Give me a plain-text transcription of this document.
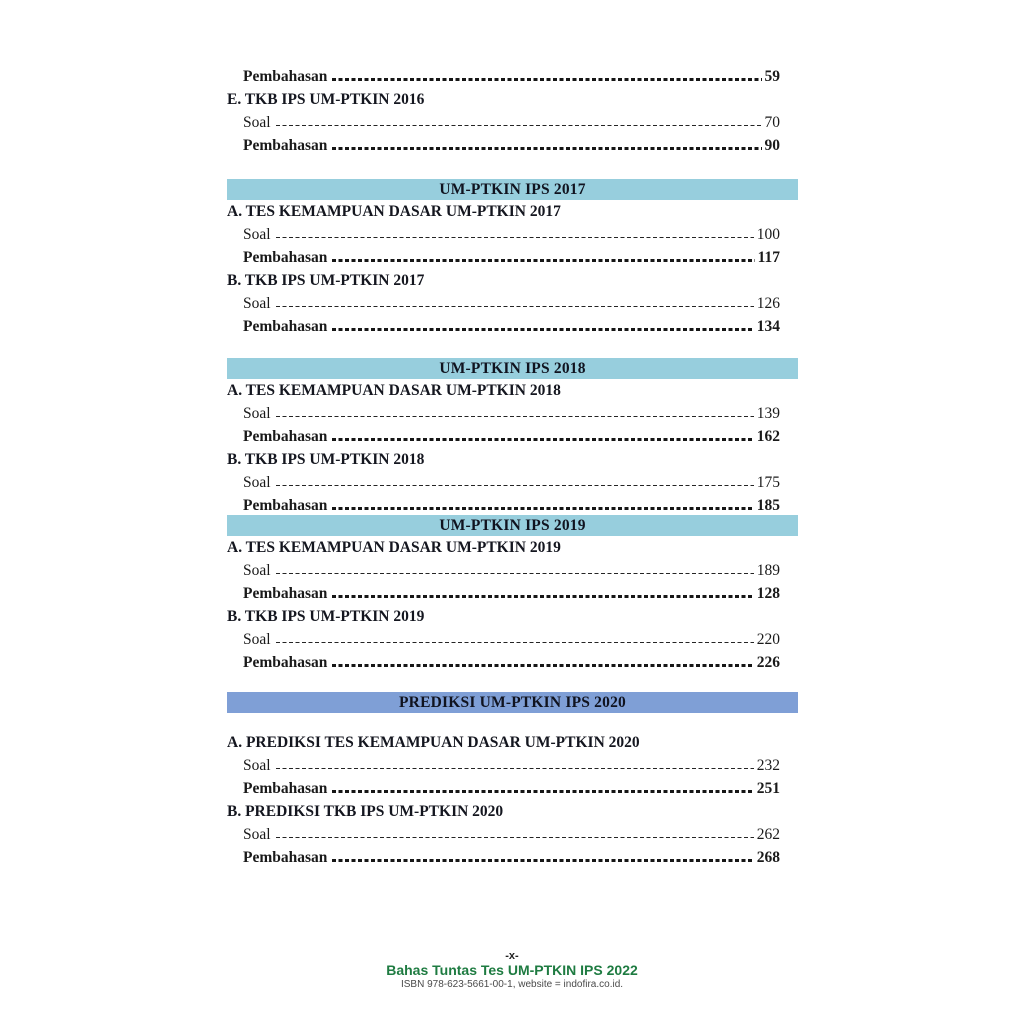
Pembahasan	59
E. TKB IPS UM-PTKIN 2016
Soal	70
Pembahasan	90
UM-PTKIN IPS 2017
A. TES KEMAMPUAN DASAR UM-PTKIN 2017
Soal	100
Pembahasan	117
B. TKB IPS UM-PTKIN 2017
Soal	126
Pembahasan	134
UM-PTKIN IPS 2018
A. TES KEMAMPUAN DASAR UM-PTKIN 2018
Soal	139
Pembahasan	162
B. TKB IPS UM-PTKIN 2018
Soal	175
Pembahasan	185
UM-PTKIN IPS 2019
A. TES KEMAMPUAN DASAR UM-PTKIN 2019
Soal	189
Pembahasan	128
B. TKB IPS UM-PTKIN 2019
Soal	220
Pembahasan	226
PREDIKSI UM-PTKIN IPS 2020
A. PREDIKSI TES KEMAMPUAN DASAR UM-PTKIN 2020
Soal	232
Pembahasan	251
B. PREDIKSI TKB IPS UM-PTKIN 2020
Soal	262
Pembahasan	268
-x-
Bahas Tuntas Tes UM-PTKIN IPS 2022
ISBN 978-623-5661-00-1, website = indofira.co.id.
